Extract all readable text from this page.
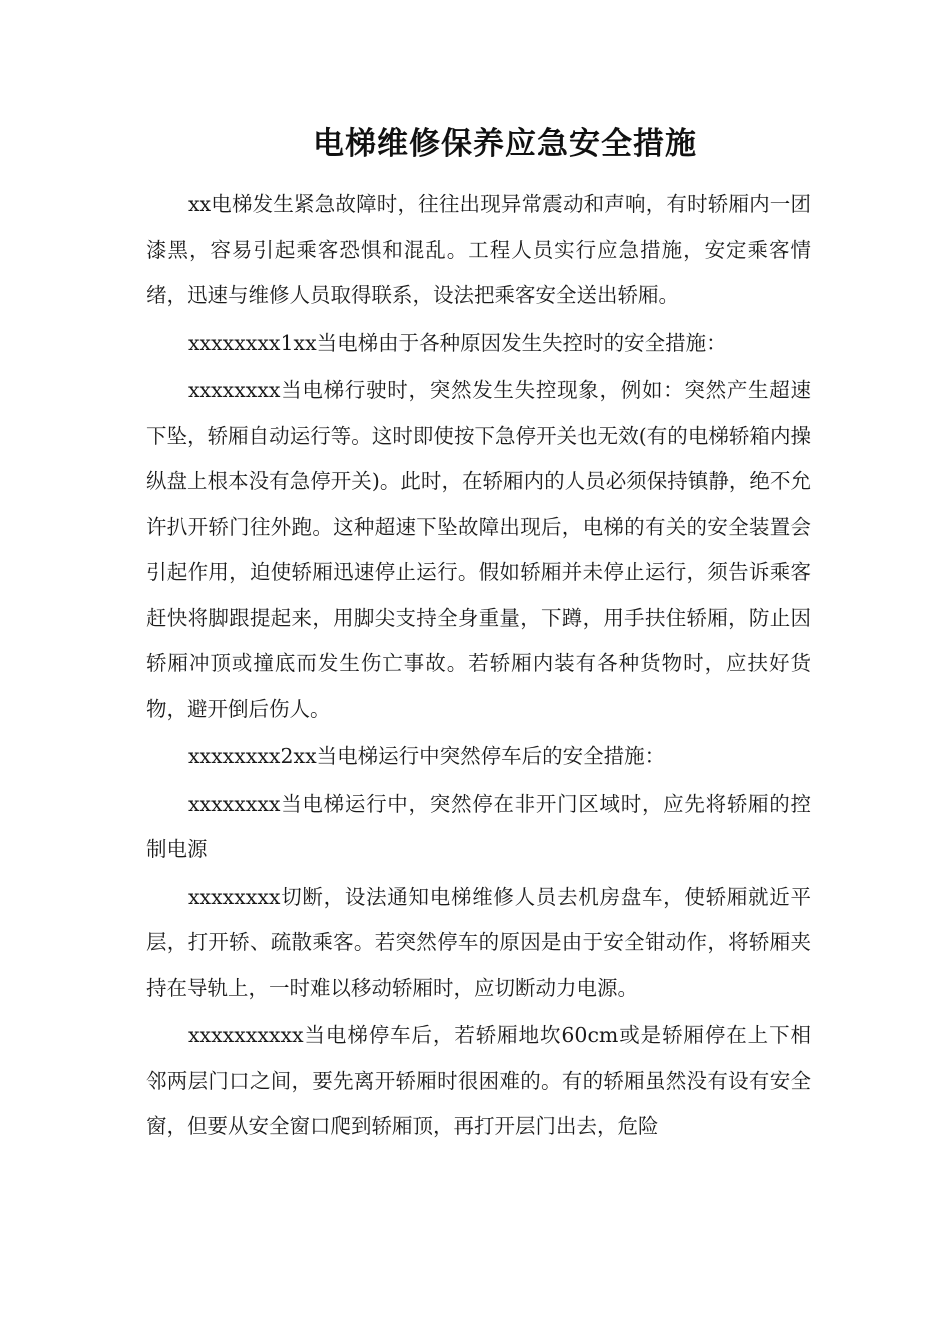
电梯维修保养应急安全措施

xx电梯发生紧急故障时，往往出现异常震动和声响，有时轿厢内一团漆黑，容易引起乘客恐惧和混乱。工程人员实行应急措施，安定乘客情绪，迅速与维修人员取得联系，设法把乘客安全送出轿厢。

xxxxxxxx1xx当电梯由于各种原因发生失控时的安全措施：

xxxxxxxx当电梯行驶时，突然发生失控现象，例如：突然产生超速下坠，轿厢自动运行等。这时即使按下急停开关也无效(有的电梯轿箱内操纵盘上根本没有急停开关)。此时，在轿厢内的人员必须保持镇静，绝不允许扒开轿门往外跑。这种超速下坠故障出现后，电梯的有关的安全装置会引起作用，迫使轿厢迅速停止运行。假如轿厢并未停止运行，须告诉乘客赶快将脚跟提起来，用脚尖支持全身重量，下蹲，用手扶住轿厢，防止因轿厢冲顶或撞底而发生伤亡事故。若轿厢内装有各种货物时，应扶好货物，避开倒后伤人。

xxxxxxxx2xx当电梯运行中突然停车后的安全措施：

xxxxxxxx当电梯运行中，突然停在非开门区域时，应先将轿厢的控制电源

xxxxxxxx切断，设法通知电梯维修人员去机房盘车，使轿厢就近平层，打开轿、疏散乘客。若突然停车的原因是由于安全钳动作，将轿厢夹持在导轨上，一时难以移动轿厢时，应切断动力电源。

xxxxxxxxxx当电梯停车后，若轿厢地坎60cm或是轿厢停在上下相邻两层门口之间，要先离开轿厢时很困难的。有的轿厢虽然没有设有安全窗，但要从安全窗口爬到轿厢顶，再打开层门出去，危险
